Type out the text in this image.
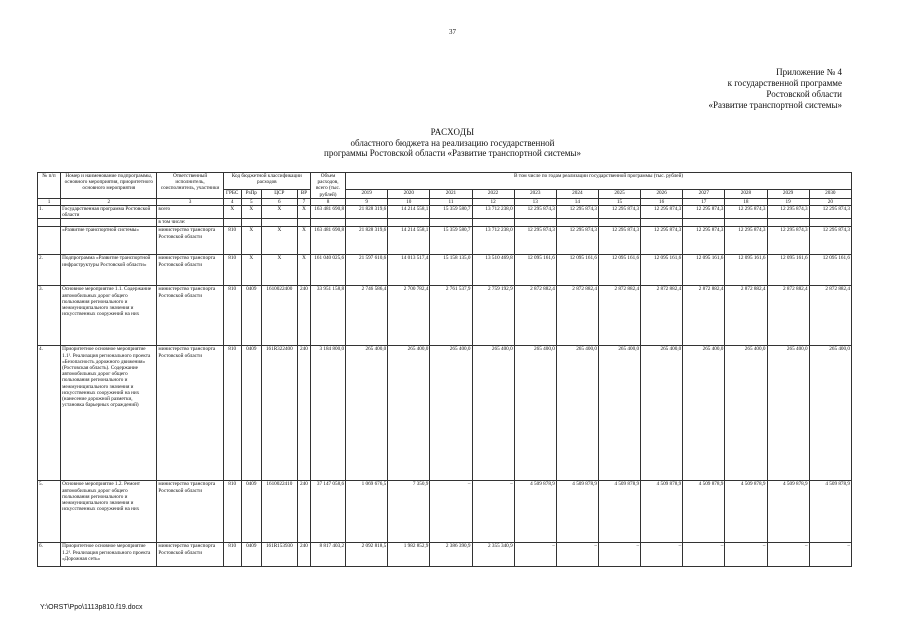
37
Приложение № 4
к государственной программе
Ростовской области
«Развитие транспортной системы»
РАСХОДЫ
областного бюджета на реализацию государственной
программы Ростовской области «Развитие транспортной системы»
№ п/п	Номер и наименование подпрограммы, основного мероприятия, приоритетного основного мероприятия	Ответственный исполнитель, соисполнитель, участники	Код бюджетной классификации расходов				Объем расходов, всего (тыс. рублей)	В том числе по годам реализации государственной программы (тыс. рублей)											
			ГРБС	РзПр	ЦСР	ВР		2019	2020	2021	2022	2023	2024	2025	2026	2027	2028	2029	2030
1	2	3	4	5	6	7	8	9	10	11	12	13	14	15	16	17	18	19	20
1.	Государственная программа Ростовской области	всего	Х	Х	Х	Х	163 481 690,8	21 828 319,6	14 214 558,1	15 359 580,7	13 712 238,0	12 295 874,3	12 295 874,3	12 295 874,3	12 295 874,3	12 295 874,3	12 295 874,3	12 295 874,3	12 295 874,3
		в том числе:																	
	«Развитие транспортной системы»	министерство транспорта Ростовской области	810	Х	Х	Х	163 481 690,8	21 828 319,6	14 214 558,1	15 359 580,7	13 712 238,0	12 295 874,3	12 295 874,3	12 295 874,3	12 295 874,3	12 295 874,3	12 295 874,3	12 295 874,3	12 295 874,3
2.	Подпрограмма «Развитие транспортной инфраструктуры Ростовской области»	министерство транспорта Ростовской области	810	Х	Х	Х	161 040 025,6	21 597 610,6	14 013 517,4	15 158 135,0	13 510 469,8	12 095 161,6	12 095 161,6	12 095 161,6	12 095 161,6	12 095 161,6	12 095 161,6	12 095 161,6	12 095 161,6
3.	Основное мероприятие 1.1. Содержание автомобильных дорог общего пользования регионального и межмуниципального значения и искусственных сооружений на них	министерство транспорта Ростовской области	810	0409	1610022400	240	33 951 158,8	2 746 586,4	2 700 782,4	2 761 537,9	2 759 192,9	2 872 882,4	2 872 882,4	2 872 882,4	2 872 882,4	2 872 882,4	2 872 882,4	2 872 882,4	2 872 882,4
4.	Приоритетное основное мероприятие 1.1¹. Реализация регионального проекта «Безопасность дорожного движения» (Ростовская область). Содержание автомобильных дорог общего пользования регионального и межмуниципального значения и искусственных сооружений на них (нанесение дорожной разметки, установка барьерных ограждений)	министерство транспорта Ростовской области	810	0409	161R322400	240	3 184 800,0	265 400,0	265 400,0	265 400,0	265 400,0	265 400,0	265 400,0	265 400,0	265 400,0	265 400,0	265 400,0	265 400,0	265 400,0
5.	Основное мероприятие 1.2. Ремонт автомобильных дорог общего пользования регионального и межмуниципального значения и искусственных сооружений на них	министерство транспорта Ростовской области	810	0409	1610022410	240	37 147 058,6	1 069 676,5	7 350,9	–	–	4 509 878,9	4 509 878,9	4 509 878,9	4 509 878,9	4 509 878,9	4 509 878,9	4 509 878,9	4 509 878,9
6.	Приоритетное основное мероприятие 1.2¹. Реализация регионального проекта «Дорожная сеть»	министерство транспорта Ростовской области	810	0409	161R153930	240	8 817 403,2	2 092 818,5	1 982 852,9	2 386 390,9	2 355 340,9	–	–	–	–	–	–	–	–
Y:\ORST\Ppo\1113p810.f19.docx
